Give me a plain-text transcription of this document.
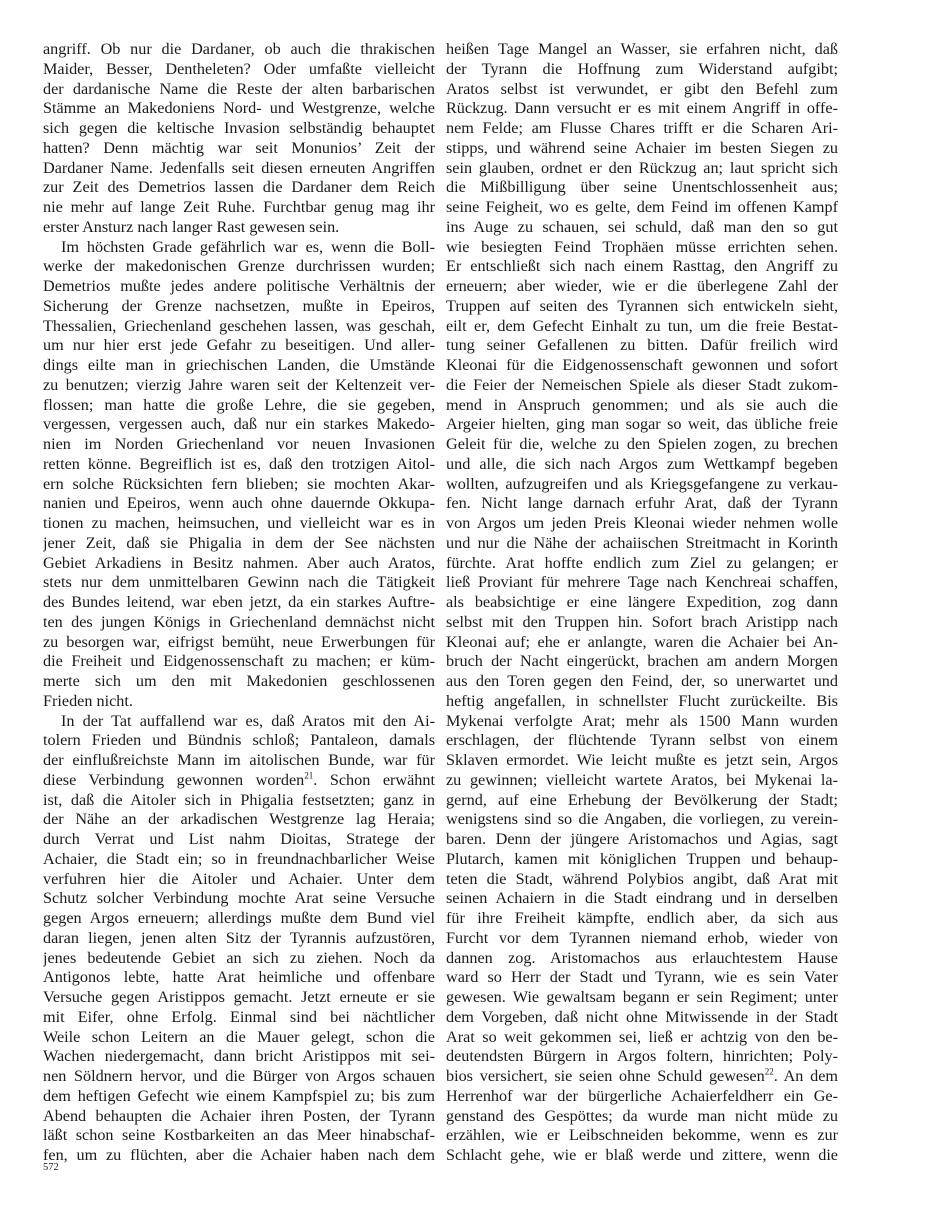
angriff. Ob nur die Dardaner, ob auch die thrakischen
Maider, Besser, Dentheleten? Oder umfaßte vielleicht
der dardanische Name die Reste der alten barbarischen
Stämme an Makedoniens Nord- und Westgrenze, welche
sich gegen die keltische Invasion selbständig behauptet
hatten? Denn mächtig war seit Monunios’ Zeit der
Dardaner Name. Jedenfalls seit diesen erneuten Angriffen
zur Zeit des Demetrios lassen die Dardaner dem Reich
nie mehr auf lange Zeit Ruhe. Furchtbar genug mag ihr
erster Ansturz nach langer Rast gewesen sein.

Im höchsten Grade gefährlich war es, wenn die Boll-
werke der makedonischen Grenze durchrissen wurden;
Demetrios mußte jedes andere politische Verhältnis der
Sicherung der Grenze nachsetzen, mußte in Epeiros,
Thessalien, Griechenland geschehen lassen, was geschah,
um nur hier erst jede Gefahr zu beseitigen. Und aller-
dings eilte man in griechischen Landen, die Umstände
zu benutzen; vierzig Jahre waren seit der Keltenzeit ver-
flossen; man hatte die große Lehre, die sie gegeben,
vergessen, vergessen auch, daß nur ein starkes Makedo-
nien im Norden Griechenland vor neuen Invasionen
retten könne. Begreiflich ist es, daß den trotzigen Aitol-
ern solche Rücksichten fern blieben; sie mochten Akar-
nanien und Epeiros, wenn auch ohne dauernde Okkupa-
tionen zu machen, heimsuchen, und vielleicht war es in
jener Zeit, daß sie Phigalia in dem der See nächsten
Gebiet Arkadiens in Besitz nahmen. Aber auch Aratos,
stets nur dem unmittelbaren Gewinn nach die Tätigkeit
des Bundes leitend, war eben jetzt, da ein starkes Auftre-
ten des jungen Königs in Griechenland demnächst nicht
zu besorgen war, eifrigst bemüht, neue Erwerbungen für
die Freiheit und Eidgenossenschaft zu machen; er küm-
merte sich um den mit Makedonien geschlossenen
Frieden nicht.

In der Tat auffallend war es, daß Aratos mit den Ai-
tolern Frieden und Bündnis schloß; Pantaleon, damals
der einflußreichste Mann im aitolischen Bunde, war für
diese Verbindung gewonnen worden$^{21}$. Schon erwähnt
ist, daß die Aitoler sich in Phigalia festsetzten; ganz in
der Nähe an der arkadischen Westgrenze lag Heraia;
durch Verrat und List nahm Dioitas, Stratege der
Achaier, die Stadt ein; so in freundnachbarlicher Weise
verfuhren hier die Aitoler und Achaier. Unter dem
Schutz solcher Verbindung mochte Arat seine Versuche
gegen Argos erneuern; allerdings mußte dem Bund viel
daran liegen, jenen alten Sitz der Tyrannis aufzustören,
jenes bedeutende Gebiet an sich zu ziehen. Noch da
Antigonos lebte, hatte Arat heimliche und offenbare
Versuche gegen Aristippos gemacht. Jetzt erneute er sie
mit Eifer, ohne Erfolg. Einmal sind bei nächtlicher
Weile schon Leitern an die Mauer gelegt, schon die
Wachen niedergemacht, dann bricht Aristippos mit sei-
nen Söldnern hervor, und die Bürger von Argos schauen
dem heftigen Gefecht wie einem Kampfspiel zu; bis zum
Abend behaupten die Achaier ihren Posten, der Tyrann
läßt schon seine Kostbarkeiten an das Meer hinabschaf-
fen, um zu flüchten, aber die Achaier haben nach dem

heißen Tage Mangel an Wasser, sie erfahren nicht, daß
der Tyrann die Hoffnung zum Widerstand aufgibt;
Aratos selbst ist verwundet, er gibt den Befehl zum
Rückzug. Dann versucht er es mit einem Angriff in offe-
nem Felde; am Flusse Chares trifft er die Scharen Ari-
stipps, und während seine Achaier im besten Siegen zu
sein glauben, ordnet er den Rückzug an; laut spricht sich
die Mißbilligung über seine Unentschlossenheit aus;
seine Feigheit, wo es gelte, dem Feind im offenen Kampf
ins Auge zu schauen, sei schuld, daß man den so gut
wie besiegten Feind Trophäen müsse errichten sehen.
Er entschließt sich nach einem Rasttag, den Angriff zu
erneuern; aber wieder, wie er die überlegene Zahl der
Truppen auf seiten des Tyrannen sich entwickeln sieht,
eilt er, dem Gefecht Einhalt zu tun, um die freie Bestat-
tung seiner Gefallenen zu bitten. Dafür freilich wird
Kleonai für die Eidgenossenschaft gewonnen und sofort
die Feier der Nemeischen Spiele als dieser Stadt zukom-
mend in Anspruch genommen; und als sie auch die
Argeier hielten, ging man sogar so weit, das übliche freie
Geleit für die, welche zu den Spielen zogen, zu brechen
und alle, die sich nach Argos zum Wettkampf begeben
wollten, aufzugreifen und als Kriegsgefangene zu verkau-
fen. Nicht lange darnach erfuhr Arat, daß der Tyrann
von Argos um jeden Preis Kleonai wieder nehmen wolle
und nur die Nähe der achaiischen Streitmacht in Korinth
fürchte. Arat hoffte endlich zum Ziel zu gelangen; er
ließ Proviant für mehrere Tage nach Kenchreai schaffen,
als beabsichtige er eine längere Expedition, zog dann
selbst mit den Truppen hin. Sofort brach Aristipp nach
Kleonai auf; ehe er anlangte, waren die Achaier bei An-
bruch der Nacht eingerückt, brachen am andern Morgen
aus den Toren gegen den Feind, der, so unerwartet und
heftig angefallen, in schnellster Flucht zurückeilte. Bis
Mykenai verfolgte Arat; mehr als 1500 Mann wurden
erschlagen, der flüchtende Tyrann selbst von einem
Sklaven ermordet. Wie leicht mußte es jetzt sein, Argos
zu gewinnen; vielleicht wartete Aratos, bei Mykenai la-
gernd, auf eine Erhebung der Bevölkerung der Stadt;
wenigstens sind so die Angaben, die vorliegen, zu verein-
baren. Denn der jüngere Aristomachos und Agias, sagt
Plutarch, kamen mit königlichen Truppen und behaup-
teten die Stadt, während Polybios angibt, daß Arat mit
seinen Achaiern in die Stadt eindrang und in derselben
für ihre Freiheit kämpfte, endlich aber, da sich aus
Furcht vor dem Tyrannen niemand erhob, wieder von
dannen zog. Aristomachos aus erlauchtestem Hause
ward so Herr der Stadt und Tyrann, wie es sein Vater
gewesen. Wie gewaltsam begann er sein Regiment; unter
dem Vorgeben, daß nicht ohne Mitwissende in der Stadt
Arat so weit gekommen sei, ließ er achtzig von den be-
deutendsten Bürgern in Argos foltern, hinrichten; Poly-
bios versichert, sie seien ohne Schuld gewesen$^{22}$. An dem
Herrenhof war der bürgerliche Achaierfeldherr ein Ge-
genstand des Gespöttes; da wurde man nicht müde zu
erzählen, wie er Leibschneiden bekomme, wenn es zur
Schlacht gehe, wie er blaß werde und zittere, wenn die

572
